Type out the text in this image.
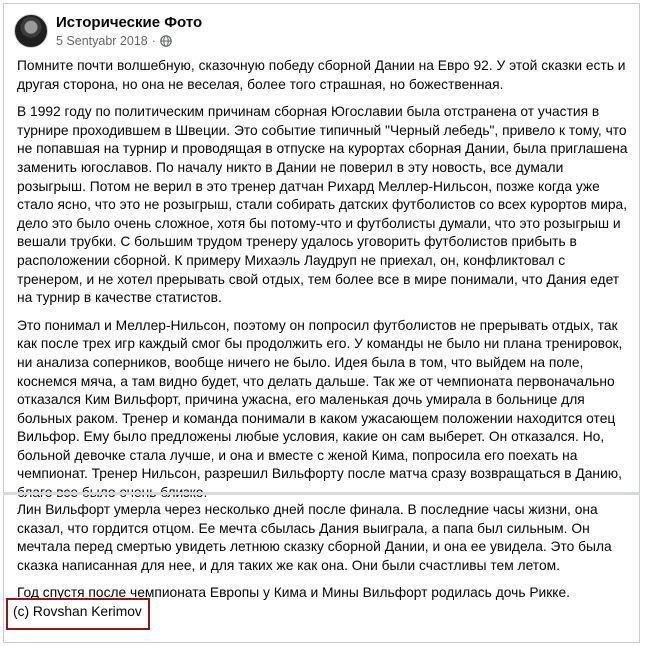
Исторические Фото
5 Sentyabr 2018 ·

Помните почти волшебную, сказочную победу сборной Дании на Евро 92. У этой сказки есть и другая сторона, но она не веселая, более того страшная, но божественная.

В 1992 году по политическим причинам сборная Югославии была отстранена от участия в турнире проходившем в Швеции. Это событие типичный "Черный лебедь", привело к тому, что не попавшая на турнир и проводящая в отпуске на курортах сборная Дании, была приглашена заменить югославов. По началу никто в Дании не поверил в эту новость, все думали розыгрыш. Потом не верил в это тренер датчан Рихард Меллер-Нильсон, позже когда уже стало ясно, что это не розыгрыш, стали собирать датских футболистов со всех курортов мира, дело это было очень сложное, хотя бы потому-что и футболисты думали, что это розыгрыш и вешали трубки. С большим трудом тренеру удалось уговорить футболистов прибыть в расположении сборной. К примеру Михаэль Лаудруп не приехал, он, конфликтовал с тренером, и не хотел прерывать свой отдых, тем более все в мире понимали, что Дания едет на турнир в качестве статистов.

Это понимал и Меллер-Нильсон, поэтому он попросил футболистов не прерывать отдых, так как после трех игр каждый смог бы продолжить его. У команды не было ни плана тренировок, ни анализа соперников, вообще ничего не было. Идея была в том, что выйдем на поле, коснемся мяча, а там видно будет, что делать дальше. Так же от чемпионата первоначально отказался Ким Вильфорт, причина ужасна, его маленькая дочь умирала в больнице для больных раком. Тренер и команда понимали в каком ужасающем положении находится отец Вильфор. Ему было предложены любые условия, какие он сам выберет. Он отказался. Но, больной девочке стала лучше, и она и вместе с женой Кима, попросила его поехать на чемпионат. Тренер Нильсон, разрешил Вильфорту после матча сразу возвращаться в Данию,

Лин Вильфорт умерла через несколько дней после финала. В последние часы жизни, она сказал, что гордится отцом. Ее мечта сбылась Дания выиграла, а папа был сильным. Он мечтала перед смертью увидеть летнюю сказку сборной Дании, и она ее увидела. Это была сказка написанная для нее, и для таких же как она. Они были счастливы тем летом.

Год спустя после чемпионата Европы у Кима и Мины Вильфорт родилась дочь Рикке.

(c) Rovshan Kerimov
